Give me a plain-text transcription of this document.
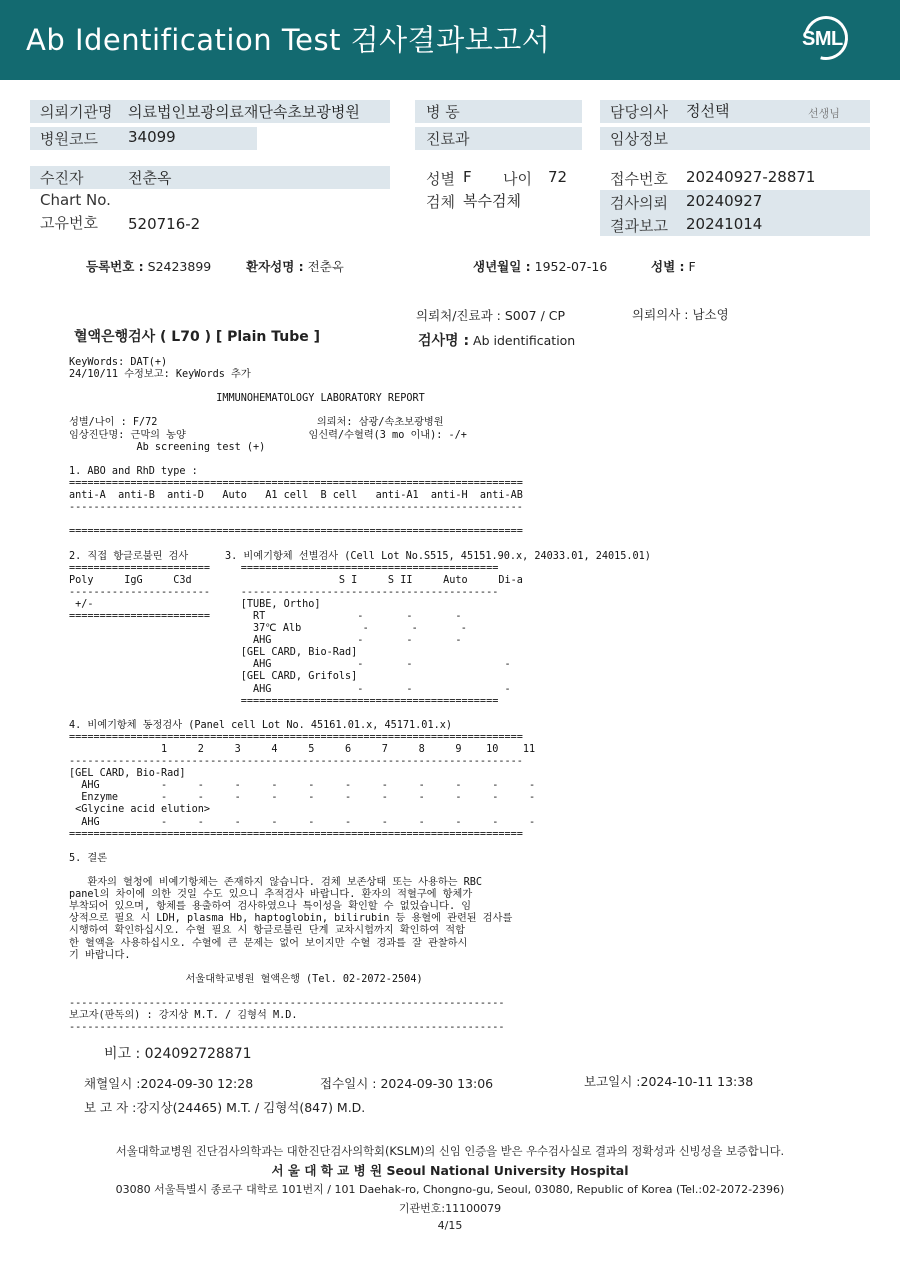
Ab Identification Test 검사결과보고서	SML
의뢰기관명 의료법인보광의료재단속초보광병원	병 동	담당의사 정선택	선생님
병원코드 34099	진료과	임상정보
수진자	전춘옥	성별 F 나이 72	접수번호 20240927-28871
Chart No.	검체 복수검체	검사의뢰 20240927
고유번호 520716-2	결과보고 20241014
등록번호 : S2423899	환자성명 : 전춘옥	생년월일 : 1952-07-16	성별 : F
의뢰처/진료과 : S007 / CP	의뢰의사 : 남소영
혈액은행검사 ( L70 ) [ Plain Tube ]	검사명 : Ab identification
KeyWords: DAT(+)
24/10/11 수정보고: KeyWords 추가

IMMUNOHEMATOLOGY LABORATORY REPORT

성별/나이 : F/72                          의뢰처: 삼광/속초보광병원
임상진단명: 근막의 농양                    임신력/수혈력(3 mo 이내): -/+
Ab screening test (+)

1. ABO and RhD type :
==========================================================================
anti-A  anti-B  anti-D   Auto   A1 cell  B cell   anti-A1  anti-H  anti-AB
--------------------------------------------------------------------------

==========================================================================

2. 직접 항글로불린 검사      3. 비예기항체 선별검사 (Cell Lot No.S515, 45151.90.x, 24033.01, 24015.01)
=======================     ==========================================
Poly     IgG     C3d                        S I     S II     Auto     Di-a
-----------------------     ------------------------------------------
+/-                        [TUBE, Ortho]
=======================       RT               -       -       -
37℃ Alb          -       -       -
AHG              -       -       -
[GEL CARD, Bio-Rad]
AHG              -       -               -
[GEL CARD, Grifols]
AHG              -       -               -
==========================================

4. 비예기항체 동정검사 (Panel cell Lot No. 45161.01.x, 45171.01.x)
==========================================================================
1     2     3     4     5     6     7     8     9    10    11
--------------------------------------------------------------------------
[GEL CARD, Bio-Rad]
AHG          -     -     -     -     -     -     -     -     -     -     -
Enzyme       -     -     -     -     -     -     -     -     -     -     -
<Glycine acid elution>
AHG          -     -     -     -     -     -     -     -     -     -     -
==========================================================================

5. 결론

환자의 혈청에 비예기항체는 존재하지 않습니다. 검체 보존상태 또는 사용하는 RBC
panel의 차이에 의한 것일 수도 있으니 추적검사 바랍니다. 환자의 적혈구에 항체가
부착되어 있으며, 항체를 용출하여 검사하였으나 특이성을 확인할 수 없었습니다. 임
상적으로 필요 시 LDH, plasma Hb, haptoglobin, bilirubin 등 용혈에 관련된 검사를
시행하여 확인하십시오. 수혈 필요 시 항글로불린 단계 교차시험까지 확인하여 적합
한 혈액을 사용하십시오. 수혈에 큰 문제는 없어 보이지만 수혈 경과를 잘 관찰하시
기 바랍니다.

서울대학교병원 혈액은행 (Tel. 02-2072-2504)

-----------------------------------------------------------------------
보고자(판독의) : 강지상 M.T. / 김형석 M.D.
-----------------------------------------------------------------------
비고 : 024092728871
채혈일시 :2024-09-30 12:28	접수일시 : 2024-09-30 13:06	보고일시 :2024-10-11 13:38
보 고 자 :강지상(24465) M.T. / 김형석(847) M.D.
서울대학교병원 진단검사의학과는 대한진단검사의학회(KSLM)의 신임 인증을 받은 우수검사실로 결과의 정확성과 신빙성을 보증합니다.
서 울 대 학 교 병 원 Seoul National University Hospital
03080 서울특별시 종로구 대학로 101번지 / 101 Daehak-ro, Chongno-gu, Seoul, 03080, Republic of Korea (Tel.:02-2072-2396)
기관번호:11100079
4/15
